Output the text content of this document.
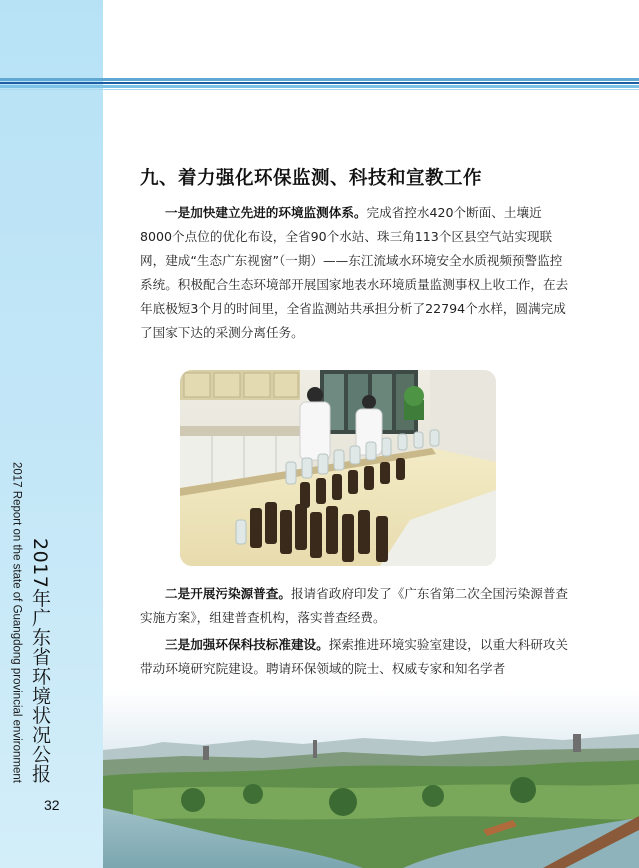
2017 Report on the state of Guangdong provincial environment 2017年广东省环境状况公报
32
九、着力强化环保监测、科技和宣教工作

一是加快建立先进的环境监测体系。完成省控水420个断面、土壤近8000个点位的优化布设，全省90个水站、珠三角113个区县空气站实现联网，建成“生态广东视窗”（一期）——东江流域水环境安全水质视频预警监控系统。积极配合生态环境部开展国家地表水环境质量监测事权上收工作，在去年底极短3个月的时间里，全省监测站共承担分析了22794个水样，圆满完成了国家下达的采测分离任务。

二是开展污染源普查。报请省政府印发了《广东省第二次全国污染源普查实施方案》，组建普查机构，落实普查经费。

三是加强环保科技标准建设。探索推进环境实验室建设，以重大科研攻关带动环境研究院建设。聘请环保领域的院士、权威专家和知名学者
